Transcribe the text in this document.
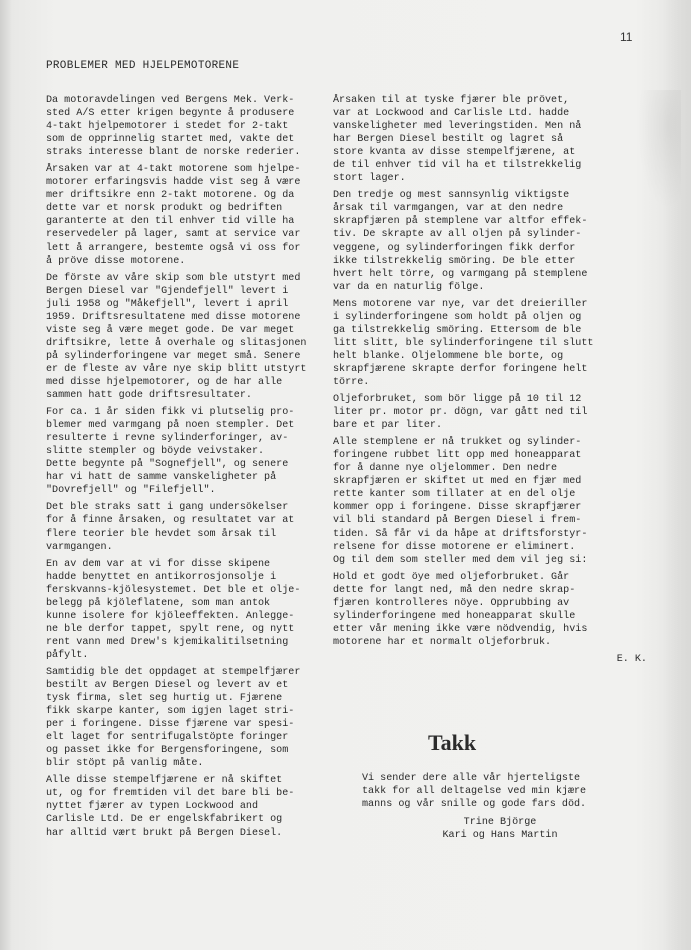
11
PROBLEMER MED HJELPEMOTORENE
Da motoravdelingen ved Bergens Mek. Verk-
sted A/S etter krigen begynte å produsere
4-takt hjelpemotorer i stedet for 2-takt
som de opprinnelig startet med, vakte det
straks interesse blant de norske rederier.
Årsaken var at 4-takt motorene som hjelpe-
motorer erfaringsvis hadde vist seg å være
mer driftsikre enn 2-takt motorene. Og da
dette var et norsk produkt og bedriften
garanterte at den til enhver tid ville ha
reservedeler på lager, samt at service var
lett å arrangere, bestemte også vi oss for
å pröve disse motorene.
De förste av våre skip som ble utstyrt med
Bergen Diesel var "Gjendefjell" levert i
juli 1958 og "Måkefjell", levert i april
1959. Driftsresultatene med disse motorene
viste seg å være meget gode. De var meget
driftsikre, lette å overhale og slitasjonen
på sylinderforingene var meget små. Senere
er de fleste av våre nye skip blitt utstyrt
med disse hjelpemotorer, og de har alle
sammen hatt gode driftsresultater.
For ca. 1 år siden fikk vi plutselig pro-
blemer med varmgang på noen stempler. Det
resulterte i revne sylinderforinger, av-
slitte stempler og böyde veivstaker.
Dette begynte på "Sognefjell", og senere
har vi hatt de samme vanskeligheter på
"Dovrefjell" og "Filefjell".
Det ble straks satt i gang undersökelser
for å finne årsaken, og resultatet var at
flere teorier ble hevdet som årsak til
varmgangen.
En av dem var at vi for disse skipene
hadde benyttet en antikorrosjonsolje i
ferskvanns-kjölesystemet. Det ble et olje-
belegg på kjöleflatene, som man antok
kunne isolere for kjöleeffekten. Anlegge-
ne ble derfor tappet, spylt rene, og nytt
rent vann med Drew's kjemikalitilsetning
påfylt.
Samtidig ble det oppdaget at stempelfjærer
bestilt av Bergen Diesel og levert av et
tysk firma, slet seg hurtig ut. Fjærene
fikk skarpe kanter, som igjen laget stri-
per i foringene. Disse fjærene var spesi-
elt laget for sentrifugalstöpte foringer
og passet ikke for Bergensforingene, som
blir stöpt på vanlig måte.
Alle disse stempelfjærene er nå skiftet
ut, og for fremtiden vil det bare bli be-
nyttet fjærer av typen Lockwood and
Carlisle Ltd. De er engelskfabrikert og
har alltid vært brukt på Bergen Diesel.
Årsaken til at tyske fjærer ble prövet,
var at Lockwood and Carlisle Ltd. hadde
vanskeligheter med leveringstiden. Men nå
har Bergen Diesel bestilt og lagret så
store kvanta av disse stempelfjærene, at
de til enhver tid vil ha et tilstrekkelig
stort lager.
Den tredje og mest sannsynlig viktigste
årsak til varmgangen, var at den nedre
skrapfjæren på stemplene var altfor effek-
tiv. De skrapte av all oljen på sylinder-
veggene, og sylinderforingen fikk derfor
ikke tilstrekkelig smöring. De ble etter
hvert helt törre, og varmgang på stemplene
var da en naturlig fölge.
Mens motorene var nye, var det dreieriller
i sylinderforingene som holdt på oljen og
ga tilstrekkelig smöring. Ettersom de ble
litt slitt, ble sylinderforingene til slutt
helt blanke. Oljelommene ble borte, og
skrapfjærene skrapte derfor foringene helt
törre.
Oljeforbruket, som bör ligge på 10 til 12
liter pr. motor pr. dögn, var gått ned til
bare et par liter.
Alle stemplene er nå trukket og sylinder-
foringene rubbet litt opp med honeapparat
for å danne nye oljelommer. Den nedre
skrapfjæren er skiftet ut med en fjær med
rette kanter som tillater at en del olje
kommer opp i foringene. Disse skrapfjærer
vil bli standard på Bergen Diesel i frem-
tiden. Så får vi da håpe at driftsforstyr-
relsene for disse motorene er eliminert.
Og til dem som steller med dem vil jeg si:
Hold et godt öye med oljeforbruket. Går
dette for langt ned, må den nedre skrap-
fjæren kontrolleres nöye. Opprubbing av
sylinderforingene med honeapparat skulle
etter vår mening ikke være nödvendig, hvis
motorene har et normalt oljeforbruk.
E. K.
Takk
Vi sender dere alle vår hjerteligste
takk for all deltagelse ved min kjære
manns og vår snille og gode fars död.
Trine Björge
Kari og Hans Martin
